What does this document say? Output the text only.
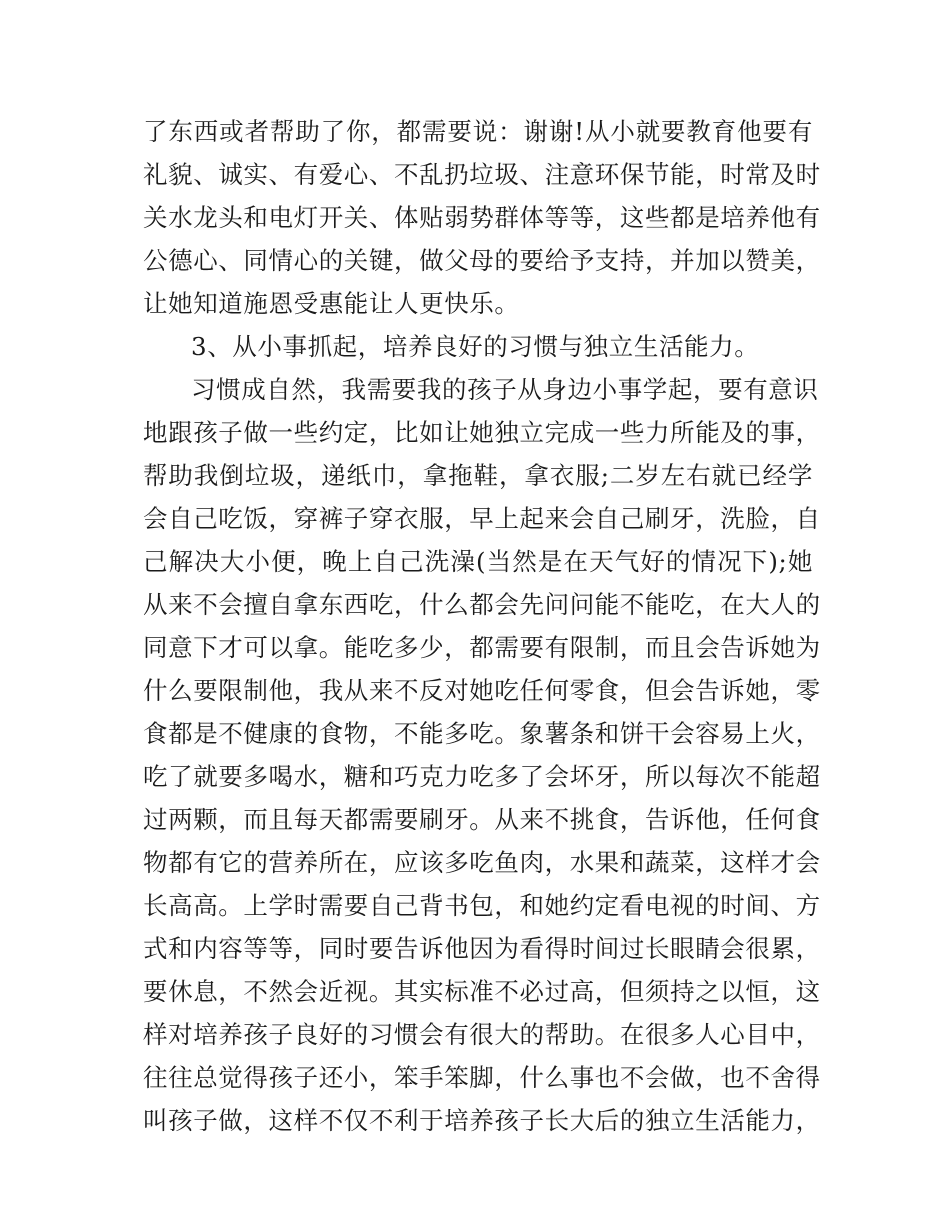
了东西或者帮助了你，都需要说：谢谢!从小就要教育他要有
礼貌、诚实、有爱心、不乱扔垃圾、注意环保节能，时常及时
关水龙头和电灯开关、体贴弱势群体等等，这些都是培养他有
公德心、同情心的关键，做父母的要给予支持，并加以赞美，
让她知道施恩受惠能让人更快乐。
3、从小事抓起，培养良好的习惯与独立生活能力。
习惯成自然，我需要我的孩子从身边小事学起，要有意识
地跟孩子做一些约定，比如让她独立完成一些力所能及的事，
帮助我倒垃圾，递纸巾，拿拖鞋，拿衣服;二岁左右就已经学
会自己吃饭，穿裤子穿衣服，早上起来会自己刷牙，洗脸，自
己解决大小便，晚上自己洗澡(当然是在天气好的情况下);她
从来不会擅自拿东西吃，什么都会先问问能不能吃，在大人的
同意下才可以拿。能吃多少，都需要有限制，而且会告诉她为
什么要限制他，我从来不反对她吃任何零食，但会告诉她，零
食都是不健康的食物，不能多吃。象薯条和饼干会容易上火，
吃了就要多喝水，糖和巧克力吃多了会坏牙，所以每次不能超
过两颗，而且每天都需要刷牙。从来不挑食，告诉他，任何食
物都有它的营养所在，应该多吃鱼肉，水果和蔬菜，这样才会
长高高。上学时需要自己背书包，和她约定看电视的时间、方
式和内容等等，同时要告诉他因为看得时间过长眼睛会很累，
要休息，不然会近视。其实标准不必过高，但须持之以恒，这
样对培养孩子良好的习惯会有很大的帮助。在很多人心目中，
往往总觉得孩子还小，笨手笨脚，什么事也不会做，也不舍得
叫孩子做，这样不仅不利于培养孩子长大后的独立生活能力，
